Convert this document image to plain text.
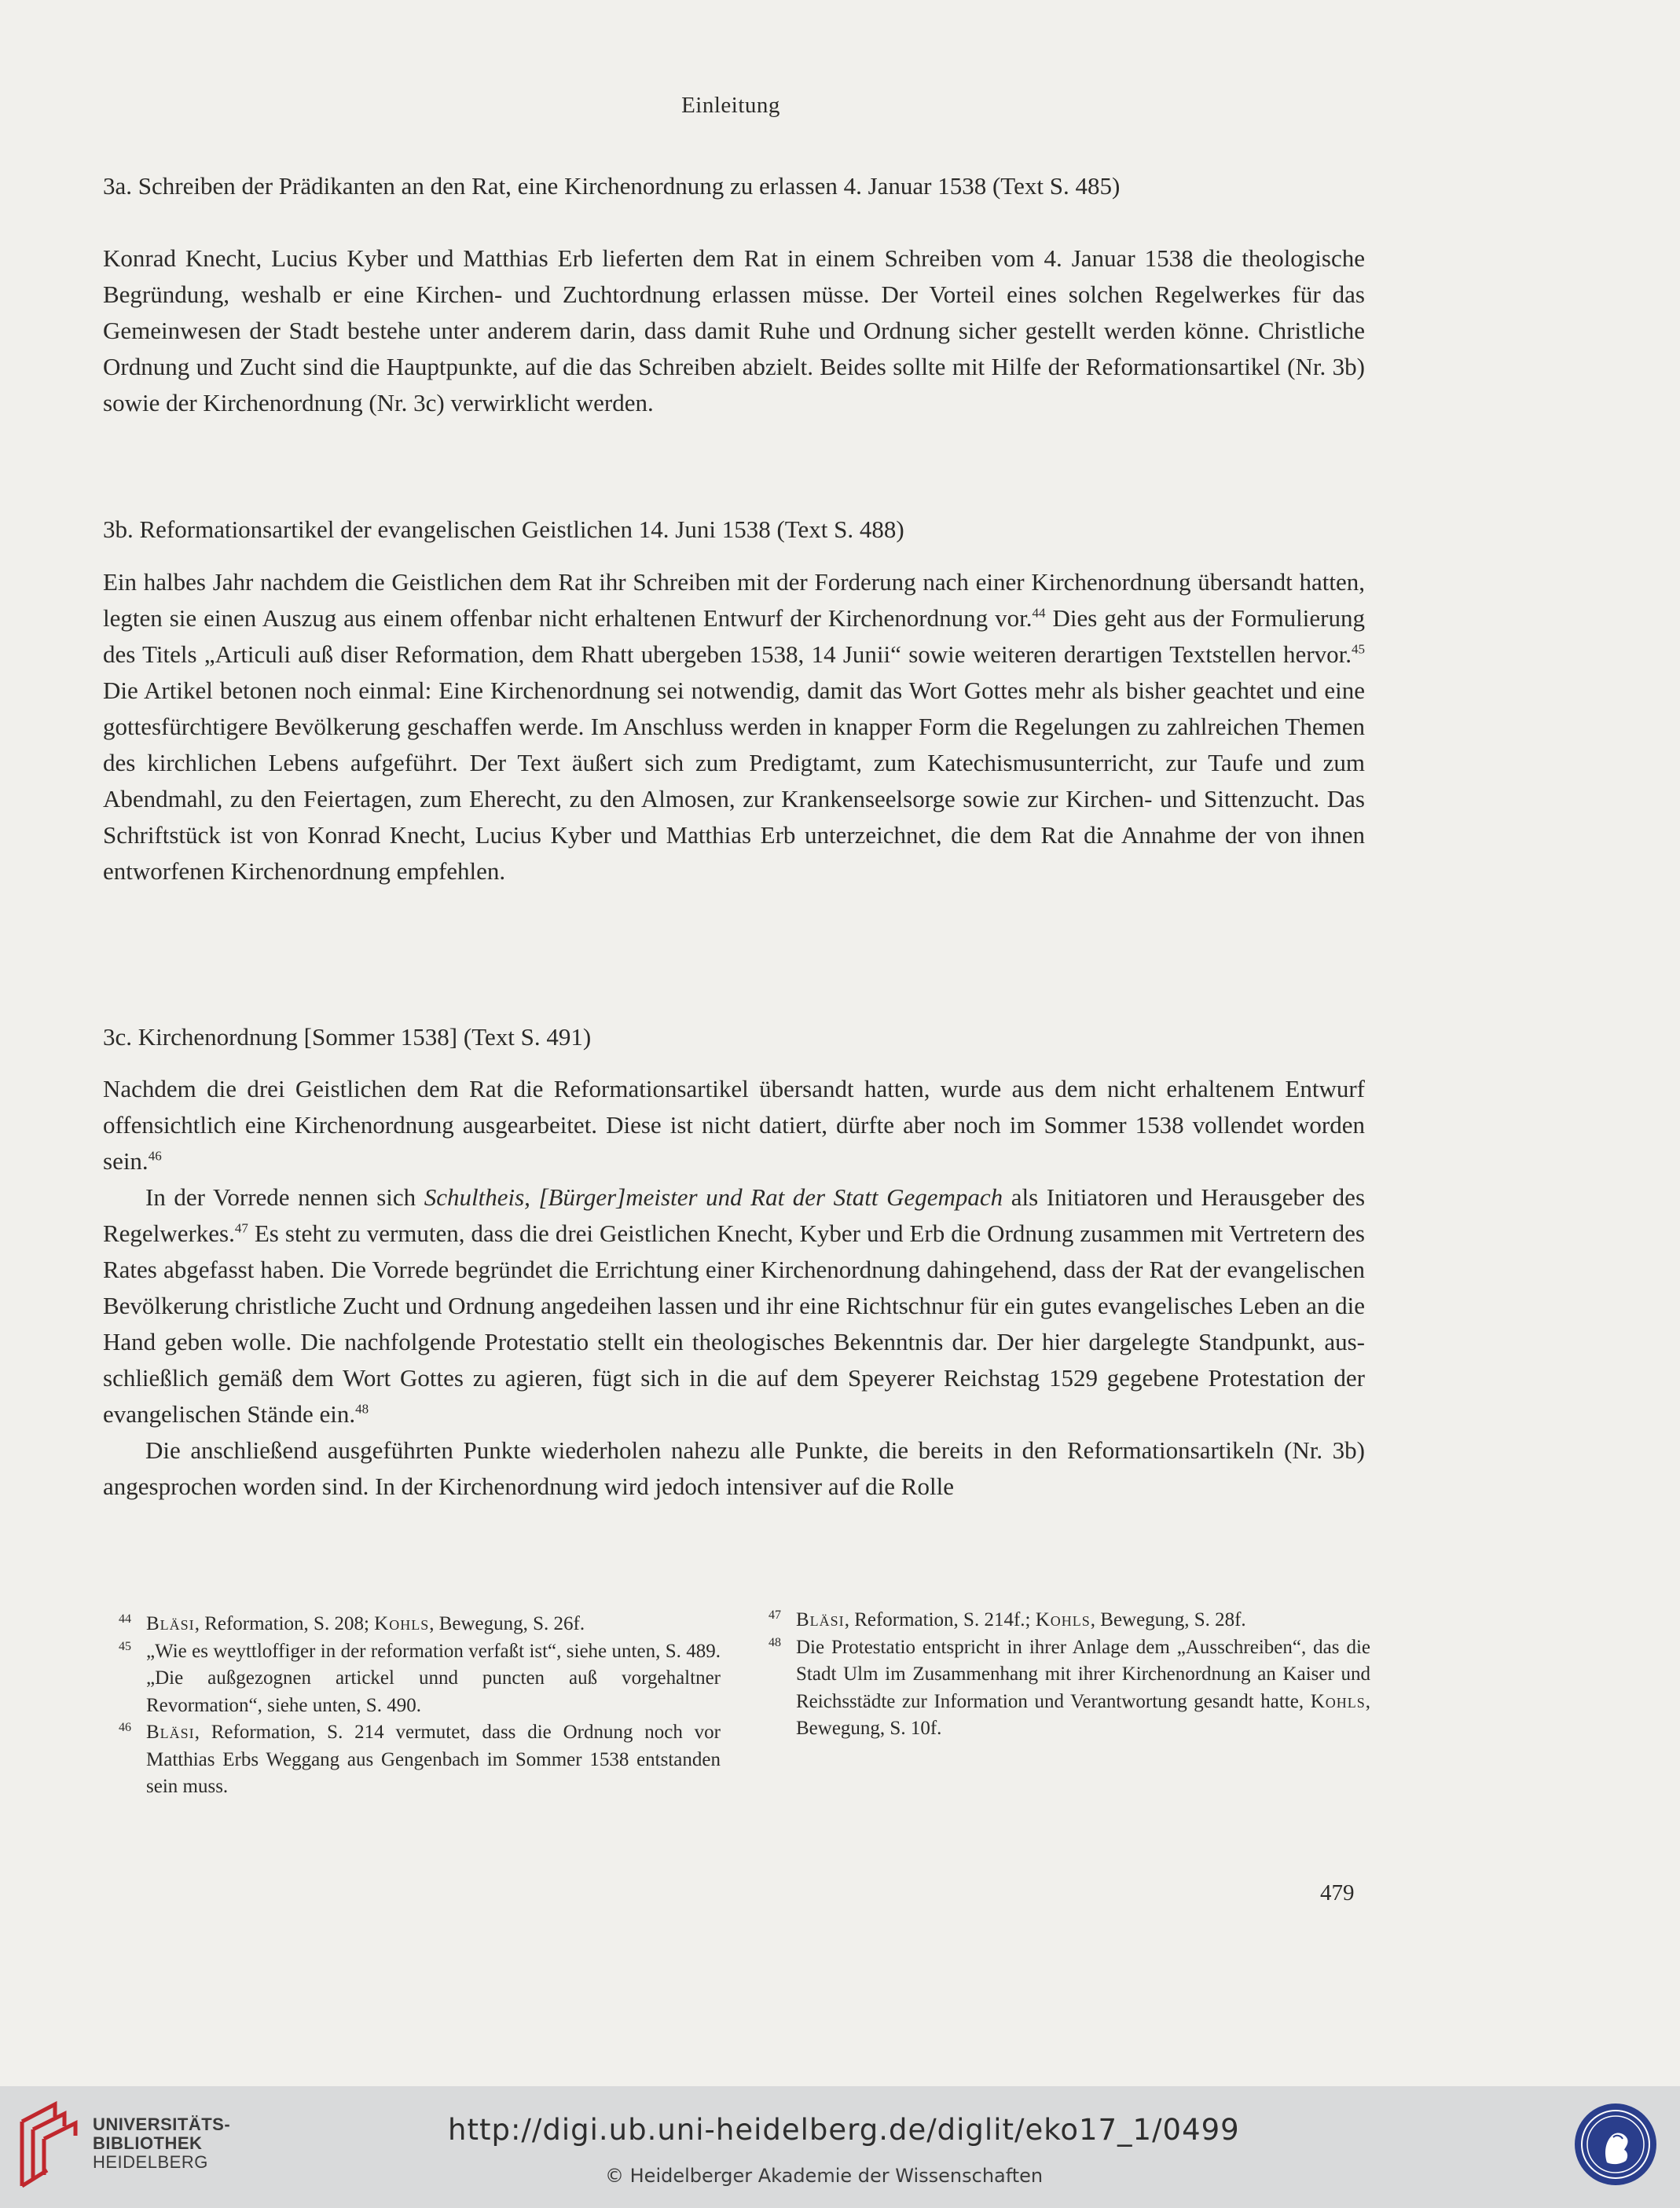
Einleitung
3a. Schreiben der Prädikanten an den Rat, eine Kirchenordnung zu erlassen 4. Januar 1538 (Text S. 485)

Konrad Knecht, Lucius Kyber und Matthias Erb lieferten dem Rat in einem Schreiben vom 4. Januar 1538 die theologische Begründung, weshalb er eine Kirchen- und Zuchtordnung erlassen müsse. Der Vorteil eines solchen Regelwerkes für das Gemeinwesen der Stadt bestehe unter anderem darin, dass damit Ruhe und Ordnung sicher gestellt werden könne. Christliche Ordnung und Zucht sind die Hauptpunkte, auf die das Schreiben abzielt. Beides sollte mit Hilfe der Reformationsartikel (Nr. 3b) sowie der Kirchenordnung (Nr. 3c) verwirklicht werden.

3b. Reformationsartikel der evangelischen Geistlichen 14. Juni 1538 (Text S. 488)

Ein halbes Jahr nachdem die Geistlichen dem Rat ihr Schreiben mit der Forderung nach einer Kirchenordnung übersandt hatten, legten sie einen Auszug aus einem offenbar nicht erhaltenen Entwurf der Kirchenordnung vor.$^{44}$ Dies geht aus der Formulierung des Titels „Articuli auß diser Reformation, dem Rhatt ubergeben 1538, 14 Junii“ sowie weiteren derartigen Textstellen hervor.$^{45}$ Die Artikel betonen noch einmal: Eine Kirchenordnung sei notwendig, damit das Wort Gottes mehr als bisher geachtet und eine gottesfürchtigere Bevölkerung geschaffen werde. Im Anschluss werden in knapper Form die Regelungen zu zahlreichen Themen des kirchlichen Lebens aufgeführt. Der Text äußert sich zum Predigtamt, zum Katechismusunterricht, zur Taufe und zum Abendmahl, zu den Feiertagen, zum Eherecht, zu den Almosen, zur Krankenseelsorge sowie zur Kirchen- und Sittenzucht. Das Schriftstück ist von Konrad Knecht, Lucius Kyber und Matthias Erb unterzeichnet, die dem Rat die Annahme der von ihnen entworfenen Kirchenordnung empfehlen.

3c. Kirchenordnung [Sommer 1538] (Text S. 491)

Nachdem die drei Geistlichen dem Rat die Reformationsartikel übersandt hatten, wurde aus dem nicht erhaltenem Entwurf offensichtlich eine Kirchenordnung ausgearbeitet. Diese ist nicht datiert, dürfte aber noch im Sommer 1538 vollendet worden sein.$^{46}$

In der Vorrede nennen sich Schultheis, [Bürger]meister und Rat der Statt Gegempach als Initiatoren und Herausgeber des Regelwerkes.$^{47}$ Es steht zu vermuten, dass die drei Geistlichen Knecht, Kyber und Erb die Ordnung zusammen mit Vertretern des Rates abgefasst haben. Die Vorrede begründet die Errichtung einer Kirchenordnung dahingehend, dass der Rat der evangelischen Bevölkerung christliche Zucht und Ordnung angedeihen lassen und ihr eine Richtschnur für ein gutes evangelisches Leben an die Hand geben wolle. Die nachfolgende Protestatio stellt ein theologisches Bekenntnis dar. Der hier dargelegte Standpunkt, ausschließlich gemäß dem Wort Gottes zu agieren, fügt sich in die auf dem Speyerer Reichstag 1529 gegebene Protestation der evangelischen Stände ein.$^{48}$

Die anschließend ausgeführten Punkte wiederholen nahezu alle Punkte, die bereits in den Reformationsartikeln (Nr. 3b) angesprochen worden sind. In der Kirchenordnung wird jedoch intensiver auf die Rolle

44 Bläsi, Reformation, S. 208; Kohls, Bewegung, S. 26f.

45 „Wie es weyttloffiger in der reformation verfaßt ist“, siehe unten, S. 489. „Die außgezognen artickel unnd puncten auß vorgehaltner Revormation“, siehe unten, S. 490.

46 Bläsi, Reformation, S. 214 vermutet, dass die Ordnung noch vor Matthias Erbs Weggang aus Gengenbach im Sommer 1538 entstanden sein muss.

47 Bläsi, Reformation, S. 214f.; Kohls, Bewegung, S. 28f.

48 Die Protestatio entspricht in ihrer Anlage dem „Ausschreiben“, das die Stadt Ulm im Zusammenhang mit ihrer Kirchenordnung an Kaiser und Reichsstädte zur Information und Verantwortung gesandt hatte, Kohls, Bewegung, S. 10f.

479
UNIVERSITÄTS-
BIBLIOTHEK
HEIDELBERG
http://digi.ub.uni-heidelberg.de/diglit/eko17_1/0499
© Heidelberger Akademie der Wissenschaften
